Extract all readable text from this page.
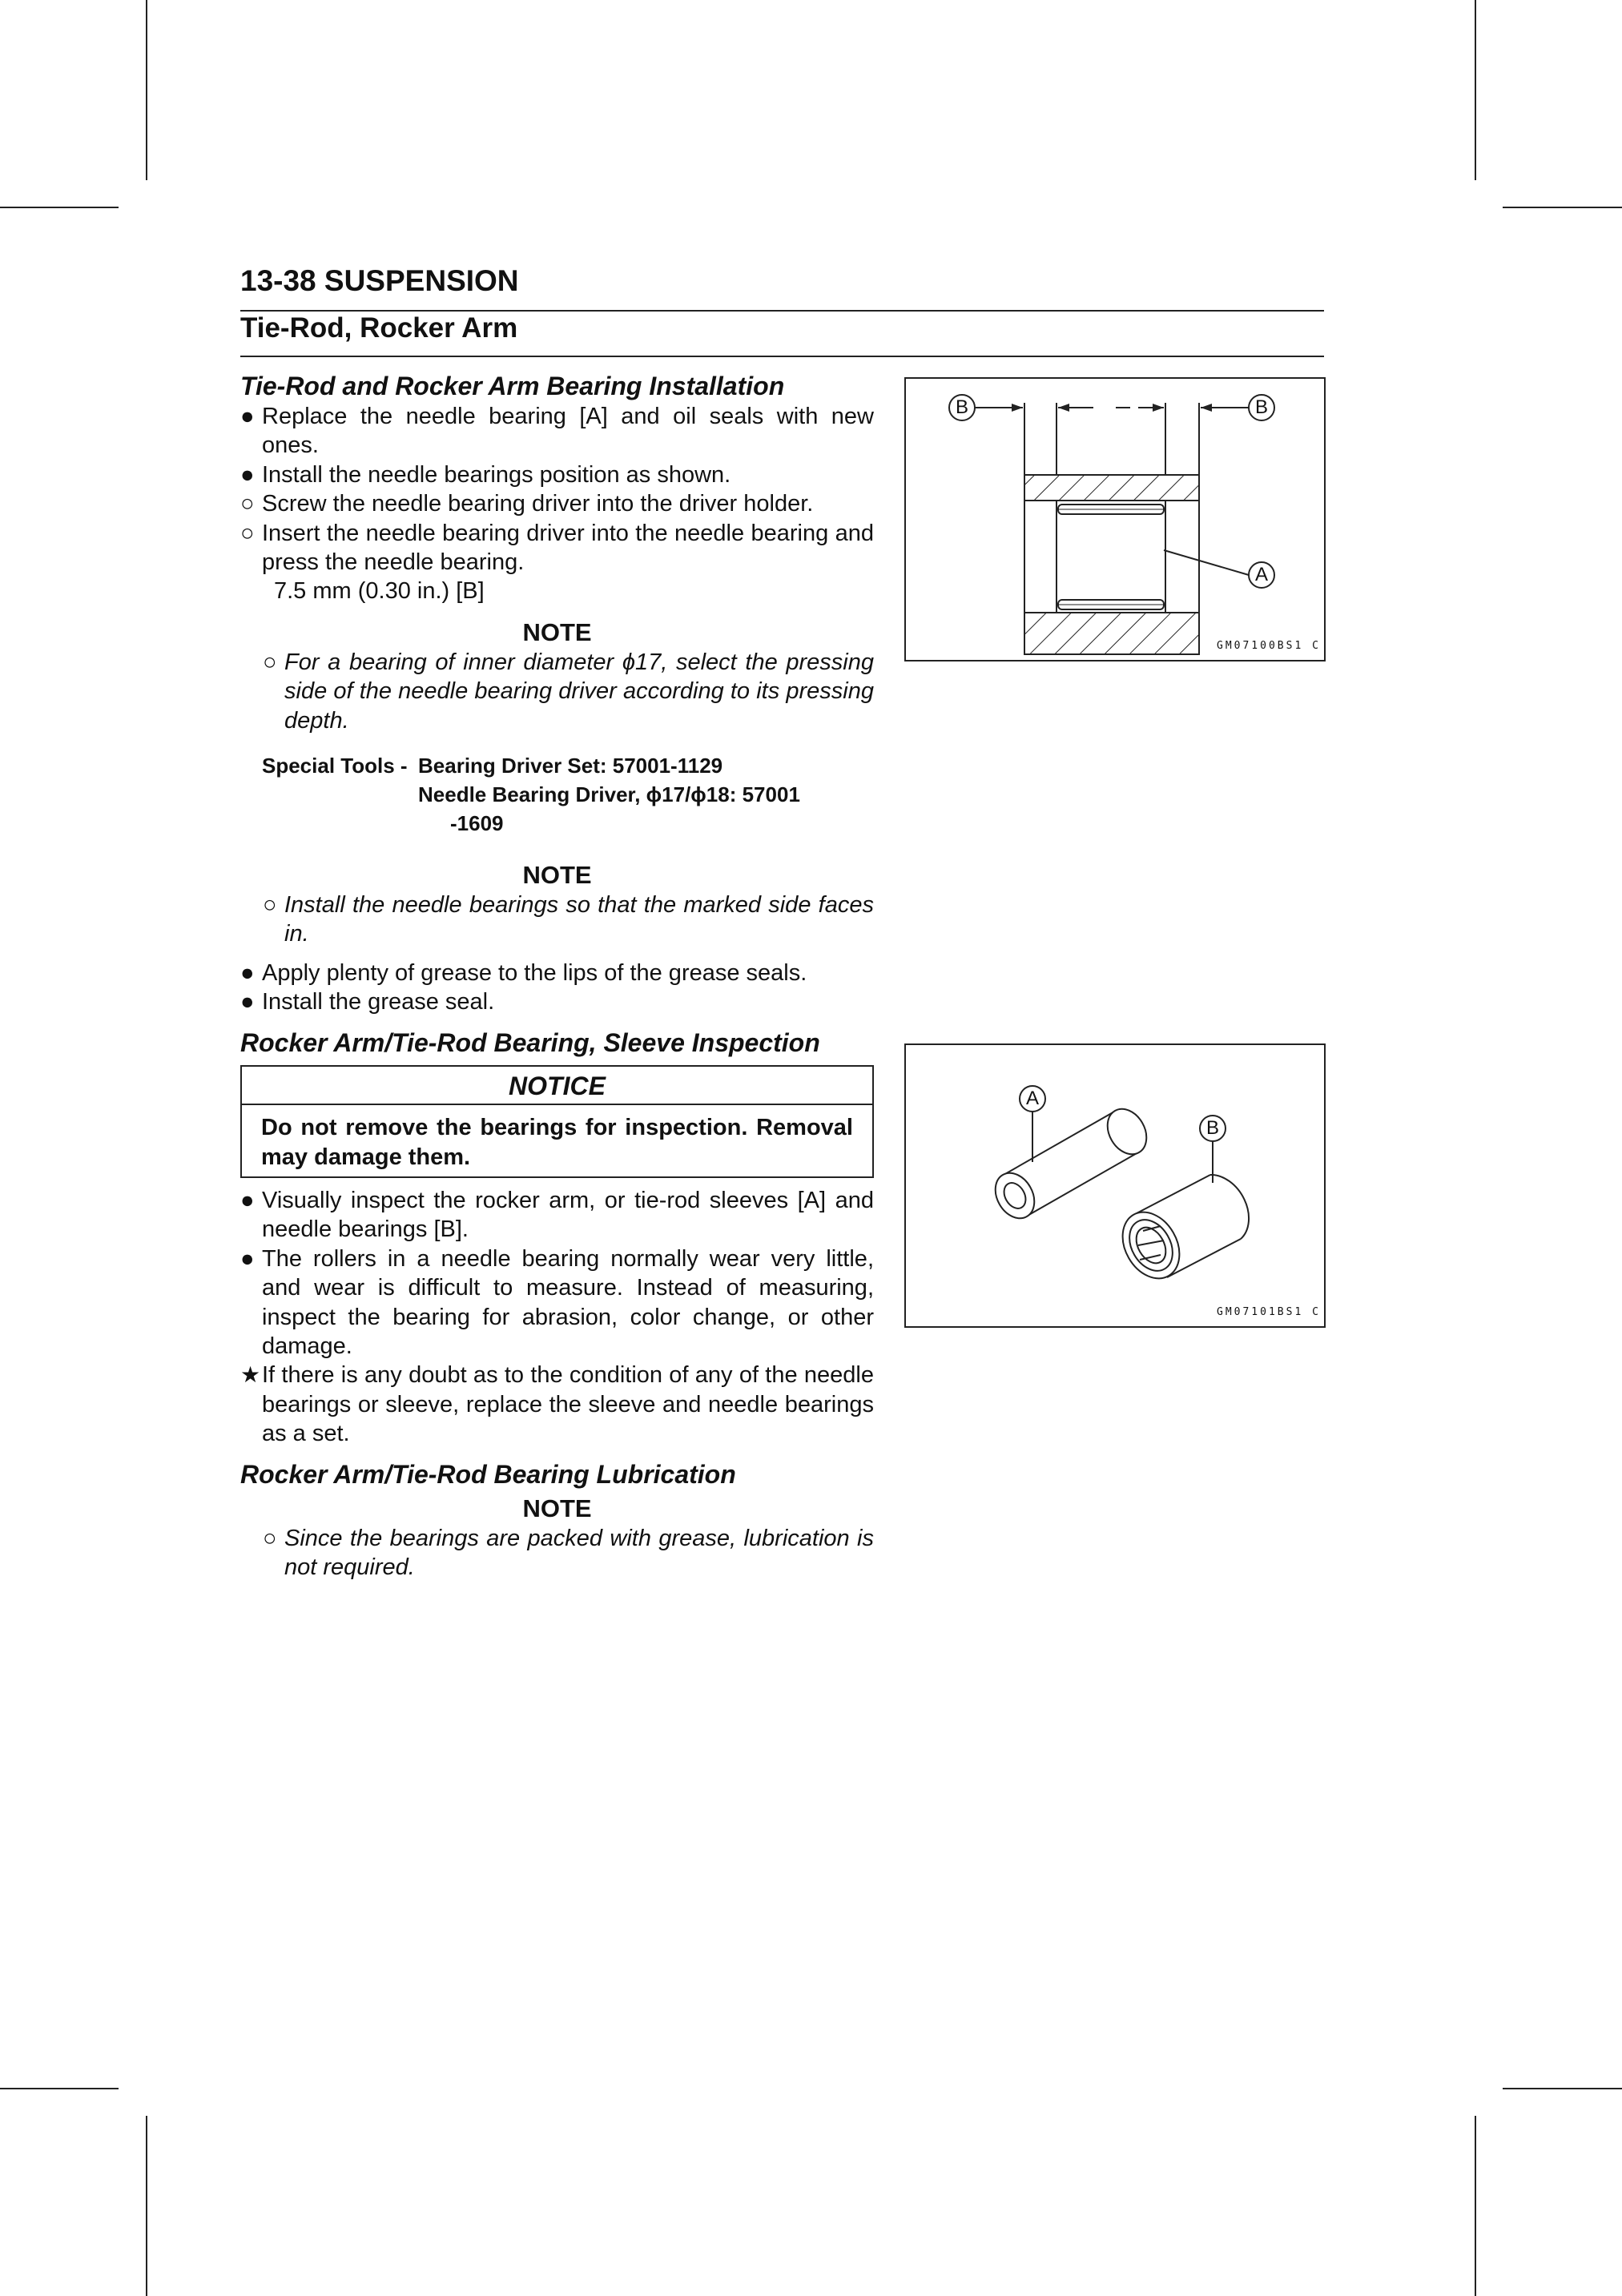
13-38 SUSPENSION
Tie-Rod, Rocker Arm
Tie-Rod and Rocker Arm Bearing Installation
● Replace the needle bearing [A] and oil seals with new ones.
● Install the needle bearings position as shown.
○ Screw the needle bearing driver into the driver holder.
○ Insert the needle bearing driver into the needle bearing and press the needle bearing.
7.5 mm (0.30 in.) [B]
NOTE
○ For a bearing of inner diameter ϕ17, select the pressing side of the needle bearing driver according to its pressing depth.
Special Tools - Bearing Driver Set: 57001-1129
Needle Bearing Driver, ϕ17/ϕ18: 57001
-1609
NOTE
○ Install the needle bearings so that the marked side faces in.
● Apply plenty of grease to the lips of the grease seals.
● Install the grease seal.
Rocker Arm/Tie-Rod Bearing, Sleeve Inspection
NOTICE
Do not remove the bearings for inspection. Removal may damage them.
● Visually inspect the rocker arm, or tie-rod sleeves [A] and needle bearings [B].
● The rollers in a needle bearing normally wear very little, and wear is difficult to measure. Instead of measuring, inspect the bearing for abrasion, color change, or other damage.
★ If there is any doubt as to the condition of any of the needle bearings or sleeve, replace the sleeve and needle bearings as a set.
Rocker Arm/Tie-Rod Bearing Lubrication
NOTE
○ Since the bearings are packed with grease, lubrication is not required.
B	B
A
GM07100BS1 C
A
B
GM07101BS1 C
